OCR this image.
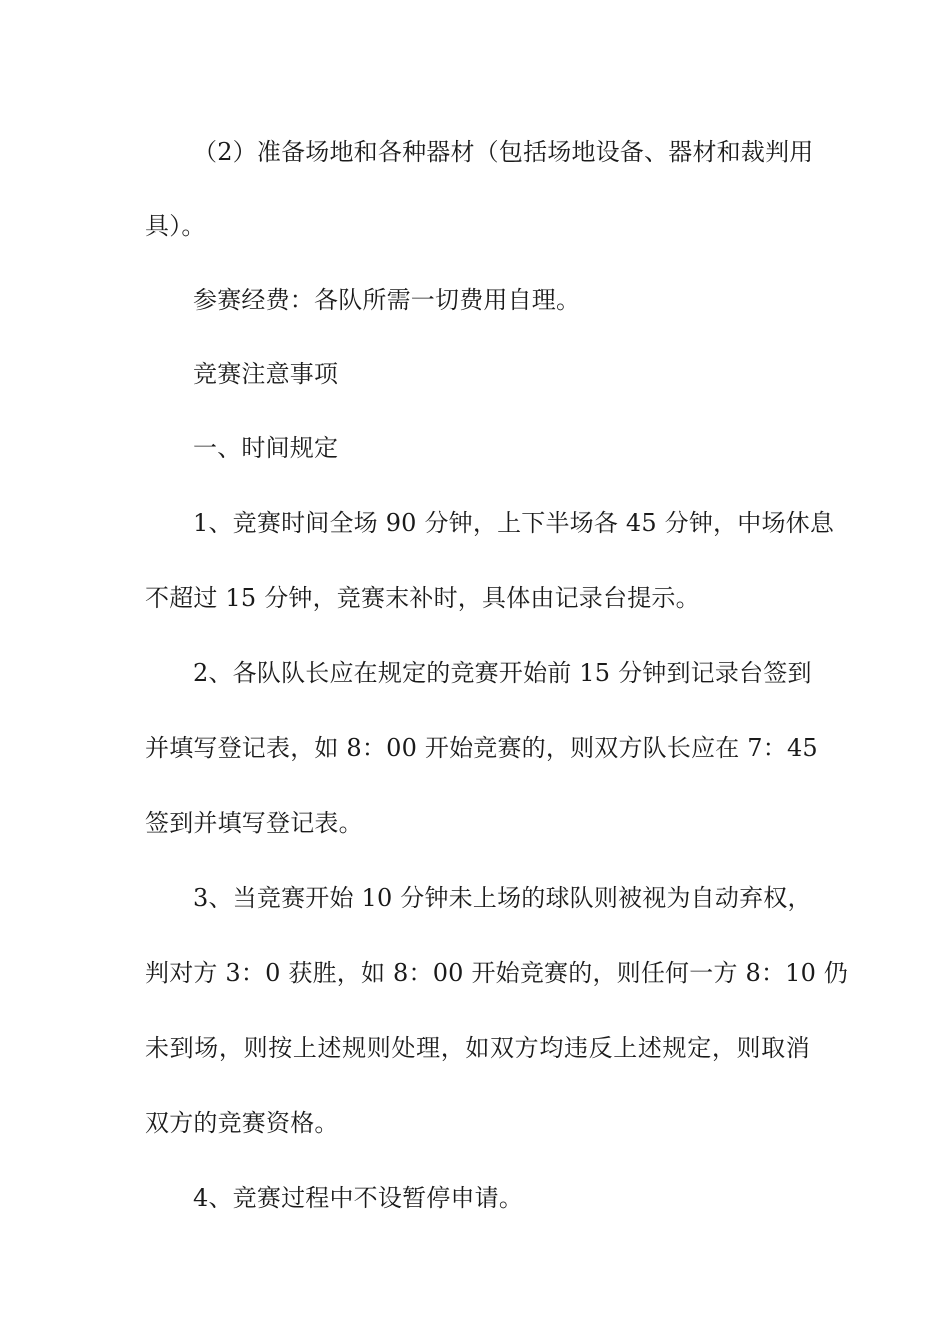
（2）准备场地和各种器材（包括场地设备、器材和裁判用
具）。
参赛经费：各队所需一切费用自理。
竞赛注意事项
一、时间规定
1、竞赛时间全场 90 分钟，上下半场各 45 分钟，中场休息
不超过 15 分钟，竞赛末补时，具体由记录台提示。
2、各队队长应在规定的竞赛开始前 15 分钟到记录台签到
并填写登记表，如 8：00 开始竞赛的，则双方队长应在 7：45
签到并填写登记表。
3、当竞赛开始 10 分钟未上场的球队则被视为自动弃权，
判对方 3：0 获胜，如 8：00 开始竞赛的，则任何一方 8：10 仍
未到场，则按上述规则处理，如双方均违反上述规定，则取消
双方的竞赛资格。
4、竞赛过程中不设暂停申请。
